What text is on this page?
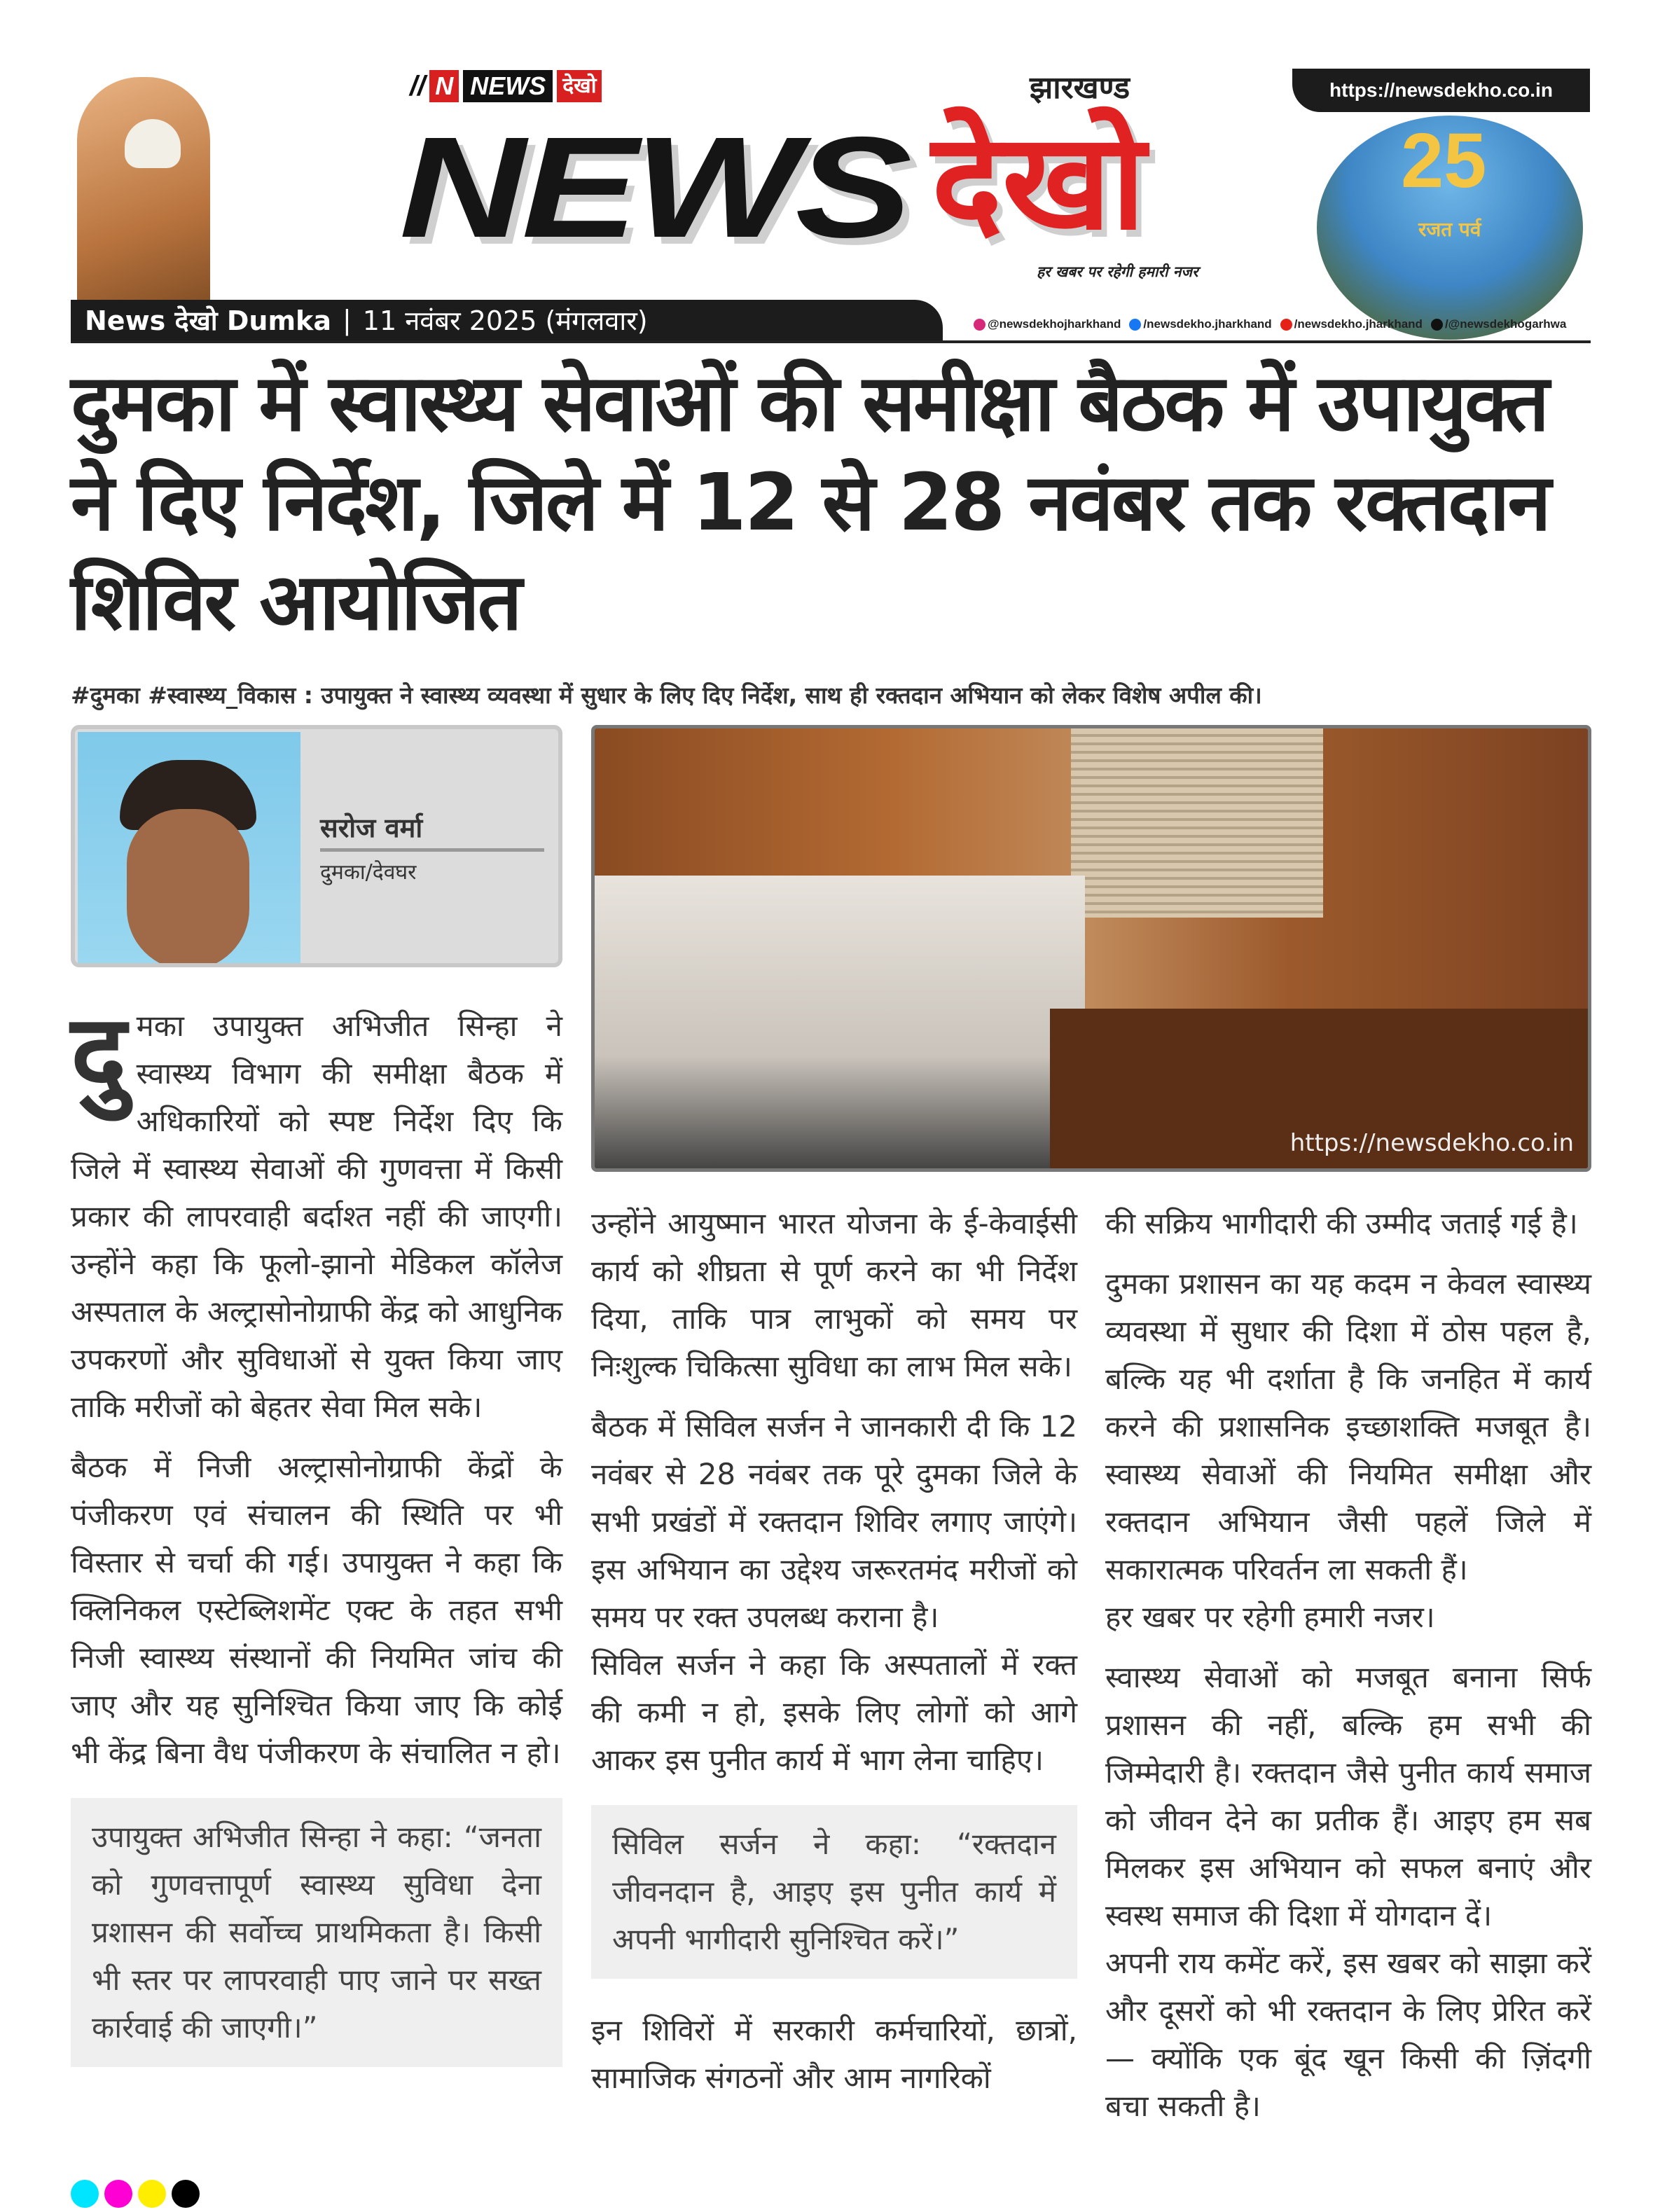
// N NEWS देखो
NEWS
झारखण्ड
देखो
हर खबर पर रहेगी हमारी नजर
https://newsdekho.co.in
25
रजत पर्व
News देखो Dumka | 11 नवंबर 2025 (मंगलवार)	@newsdekhojharkhand	/newsdekho.jharkhand	/newsdekho.jharkhand	/@newsdekhogarhwa
दुमका में स्वास्थ्य सेवाओं की समीक्षा बैठक में उपायुक्त ने दिए निर्देश, जिले में 12 से 28 नवंबर तक रक्तदान शिविर आयोजित
#दुमका #स्वास्थ्य_विकास : उपायुक्त ने स्वास्थ्य व्यवस्था में सुधार के लिए दिए निर्देश, साथ ही रक्तदान अभियान को लेकर विशेष अपील की।
सरोज वर्मा
दुमका/देवघर

दुमका उपायुक्त अभिजीत सिन्हा ने स्वास्थ्य विभाग की समीक्षा बैठक में अधिकारियों को स्पष्ट निर्देश दिए कि जिले में स्वास्थ्य सेवाओं की गुणवत्ता में किसी प्रकार की लापरवाही बर्दाश्त नहीं की जाएगी। उन्होंने कहा कि फूलो-झानो मेडिकल कॉलेज अस्पताल के अल्ट्रासोनोग्राफी केंद्र को आधुनिक उपकरणों और सुविधाओं से युक्त किया जाए ताकि मरीजों को बेहतर सेवा मिल सके।

बैठक में निजी अल्ट्रासोनोग्राफी केंद्रों के पंजीकरण एवं संचालन की स्थिति पर भी विस्तार से चर्चा की गई। उपायुक्त ने कहा कि क्लिनिकल एस्टेब्लिशमेंट एक्ट के तहत सभी निजी स्वास्थ्य संस्थानों की नियमित जांच की जाए और यह सुनिश्चित किया जाए कि कोई भी केंद्र बिना वैध पंजीकरण के संचालित न हो।

उपायुक्त अभिजीत सिन्हा ने कहा: “जनता को गुणवत्तापूर्ण स्वास्थ्य सुविधा देना प्रशासन की सर्वोच्च प्राथमिकता है। किसी भी स्तर पर लापरवाही पाए जाने पर सख्त कार्रवाई की जाएगी।”
https://newsdekho.co.in

उन्होंने आयुष्मान भारत योजना के ई-केवाईसी कार्य को शीघ्रता से पूर्ण करने का भी निर्देश दिया, ताकि पात्र लाभुकों को समय पर निःशुल्क चिकित्सा सुविधा का लाभ मिल सके।

बैठक में सिविल सर्जन ने जानकारी दी कि 12 नवंबर से 28 नवंबर तक पूरे दुमका जिले के सभी प्रखंडों में रक्तदान शिविर लगाए जाएंगे। इस अभियान का उद्देश्य जरूरतमंद मरीजों को समय पर रक्त उपलब्ध कराना है।

सिविल सर्जन ने कहा कि अस्पतालों में रक्त की कमी न हो, इसके लिए लोगों को आगे आकर इस पुनीत कार्य में भाग लेना चाहिए।

सिविल सर्जन ने कहा: “रक्तदान जीवनदान है, आइए इस पुनीत कार्य में अपनी भागीदारी सुनिश्चित करें।”

इन शिविरों में सरकारी कर्मचारियों, छात्रों, सामाजिक संगठनों और आम नागरिकों

की सक्रिय भागीदारी की उम्मीद जताई गई है।

दुमका प्रशासन का यह कदम न केवल स्वास्थ्य व्यवस्था में सुधार की दिशा में ठोस पहल है, बल्कि यह भी दर्शाता है कि जनहित में कार्य करने की प्रशासनिक इच्छाशक्ति मजबूत है। स्वास्थ्य सेवाओं की नियमित समीक्षा और रक्तदान अभियान जैसी पहलें जिले में सकारात्मक परिवर्तन ला सकती हैं।

हर खबर पर रहेगी हमारी नजर।

स्वास्थ्य सेवाओं को मजबूत बनाना सिर्फ प्रशासन की नहीं, बल्कि हम सभी की जिम्मेदारी है। रक्तदान जैसे पुनीत कार्य समाज को जीवन देने का प्रतीक हैं। आइए हम सब मिलकर इस अभियान को सफल बनाएं और स्वस्थ समाज की दिशा में योगदान दें।

अपनी राय कमेंट करें, इस खबर को साझा करें और दूसरों को भी रक्तदान के लिए प्रेरित करें — क्योंकि एक बूंद खून किसी की ज़िंदगी बचा सकती है।
